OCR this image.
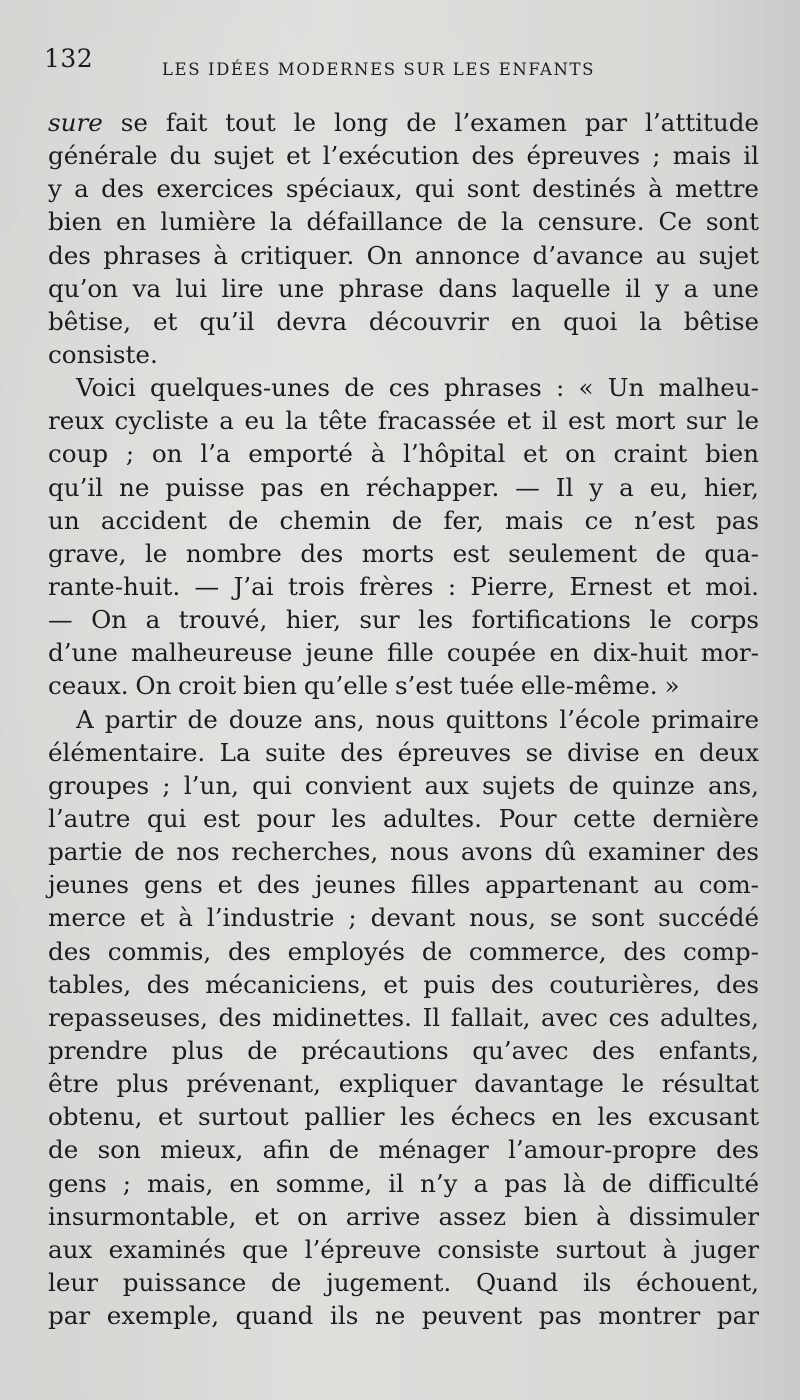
132	LES IDÉES MODERNES SUR LES ENFANTS
sure se fait tout le long de l’examen par l’attitude
générale du sujet et l’exécution des épreuves ; mais il
y a des exercices spéciaux, qui sont destinés à mettre
bien en lumière la défaillance de la censure. Ce sont
des phrases à critiquer. On annonce d’avance au sujet
qu’on va lui lire une phrase dans laquelle il y a une
bêtise, et qu’il devra découvrir en quoi la bêtise
consiste.
Voici quelques-unes de ces phrases : « Un malheu-
reux cycliste a eu la tête fracassée et il est mort sur le
coup ; on l’a emporté à l’hôpital et on craint bien
qu’il ne puisse pas en réchapper. — Il y a eu, hier,
un accident de chemin de fer, mais ce n’est pas
grave, le nombre des morts est seulement de qua-
rante-huit. — J’ai trois frères : Pierre, Ernest et moi.
— On a trouvé, hier, sur les fortifications le corps
d’une malheureuse jeune fille coupée en dix-huit mor-
ceaux. On croit bien qu’elle s’est tuée elle-même. »
A partir de douze ans, nous quittons l’école primaire
élémentaire. La suite des épreuves se divise en deux
groupes ; l’un, qui convient aux sujets de quinze ans,
l’autre qui est pour les adultes. Pour cette dernière
partie de nos recherches, nous avons dû examiner des
jeunes gens et des jeunes filles appartenant au com-
merce et à l’industrie ; devant nous, se sont succédé
des commis, des employés de commerce, des comp-
tables, des mécaniciens, et puis des couturières, des
repasseuses, des midinettes. Il fallait, avec ces adultes,
prendre plus de précautions qu’avec des enfants,
être plus prévenant, expliquer davantage le résultat
obtenu, et surtout pallier les échecs en les excusant
de son mieux, afin de ménager l’amour-propre des
gens ; mais, en somme, il n’y a pas là de difficulté
insurmontable, et on arrive assez bien à dissimuler
aux examinés que l’épreuve consiste surtout à juger
leur puissance de jugement. Quand ils échouent,
par exemple, quand ils ne peuvent pas montrer par
